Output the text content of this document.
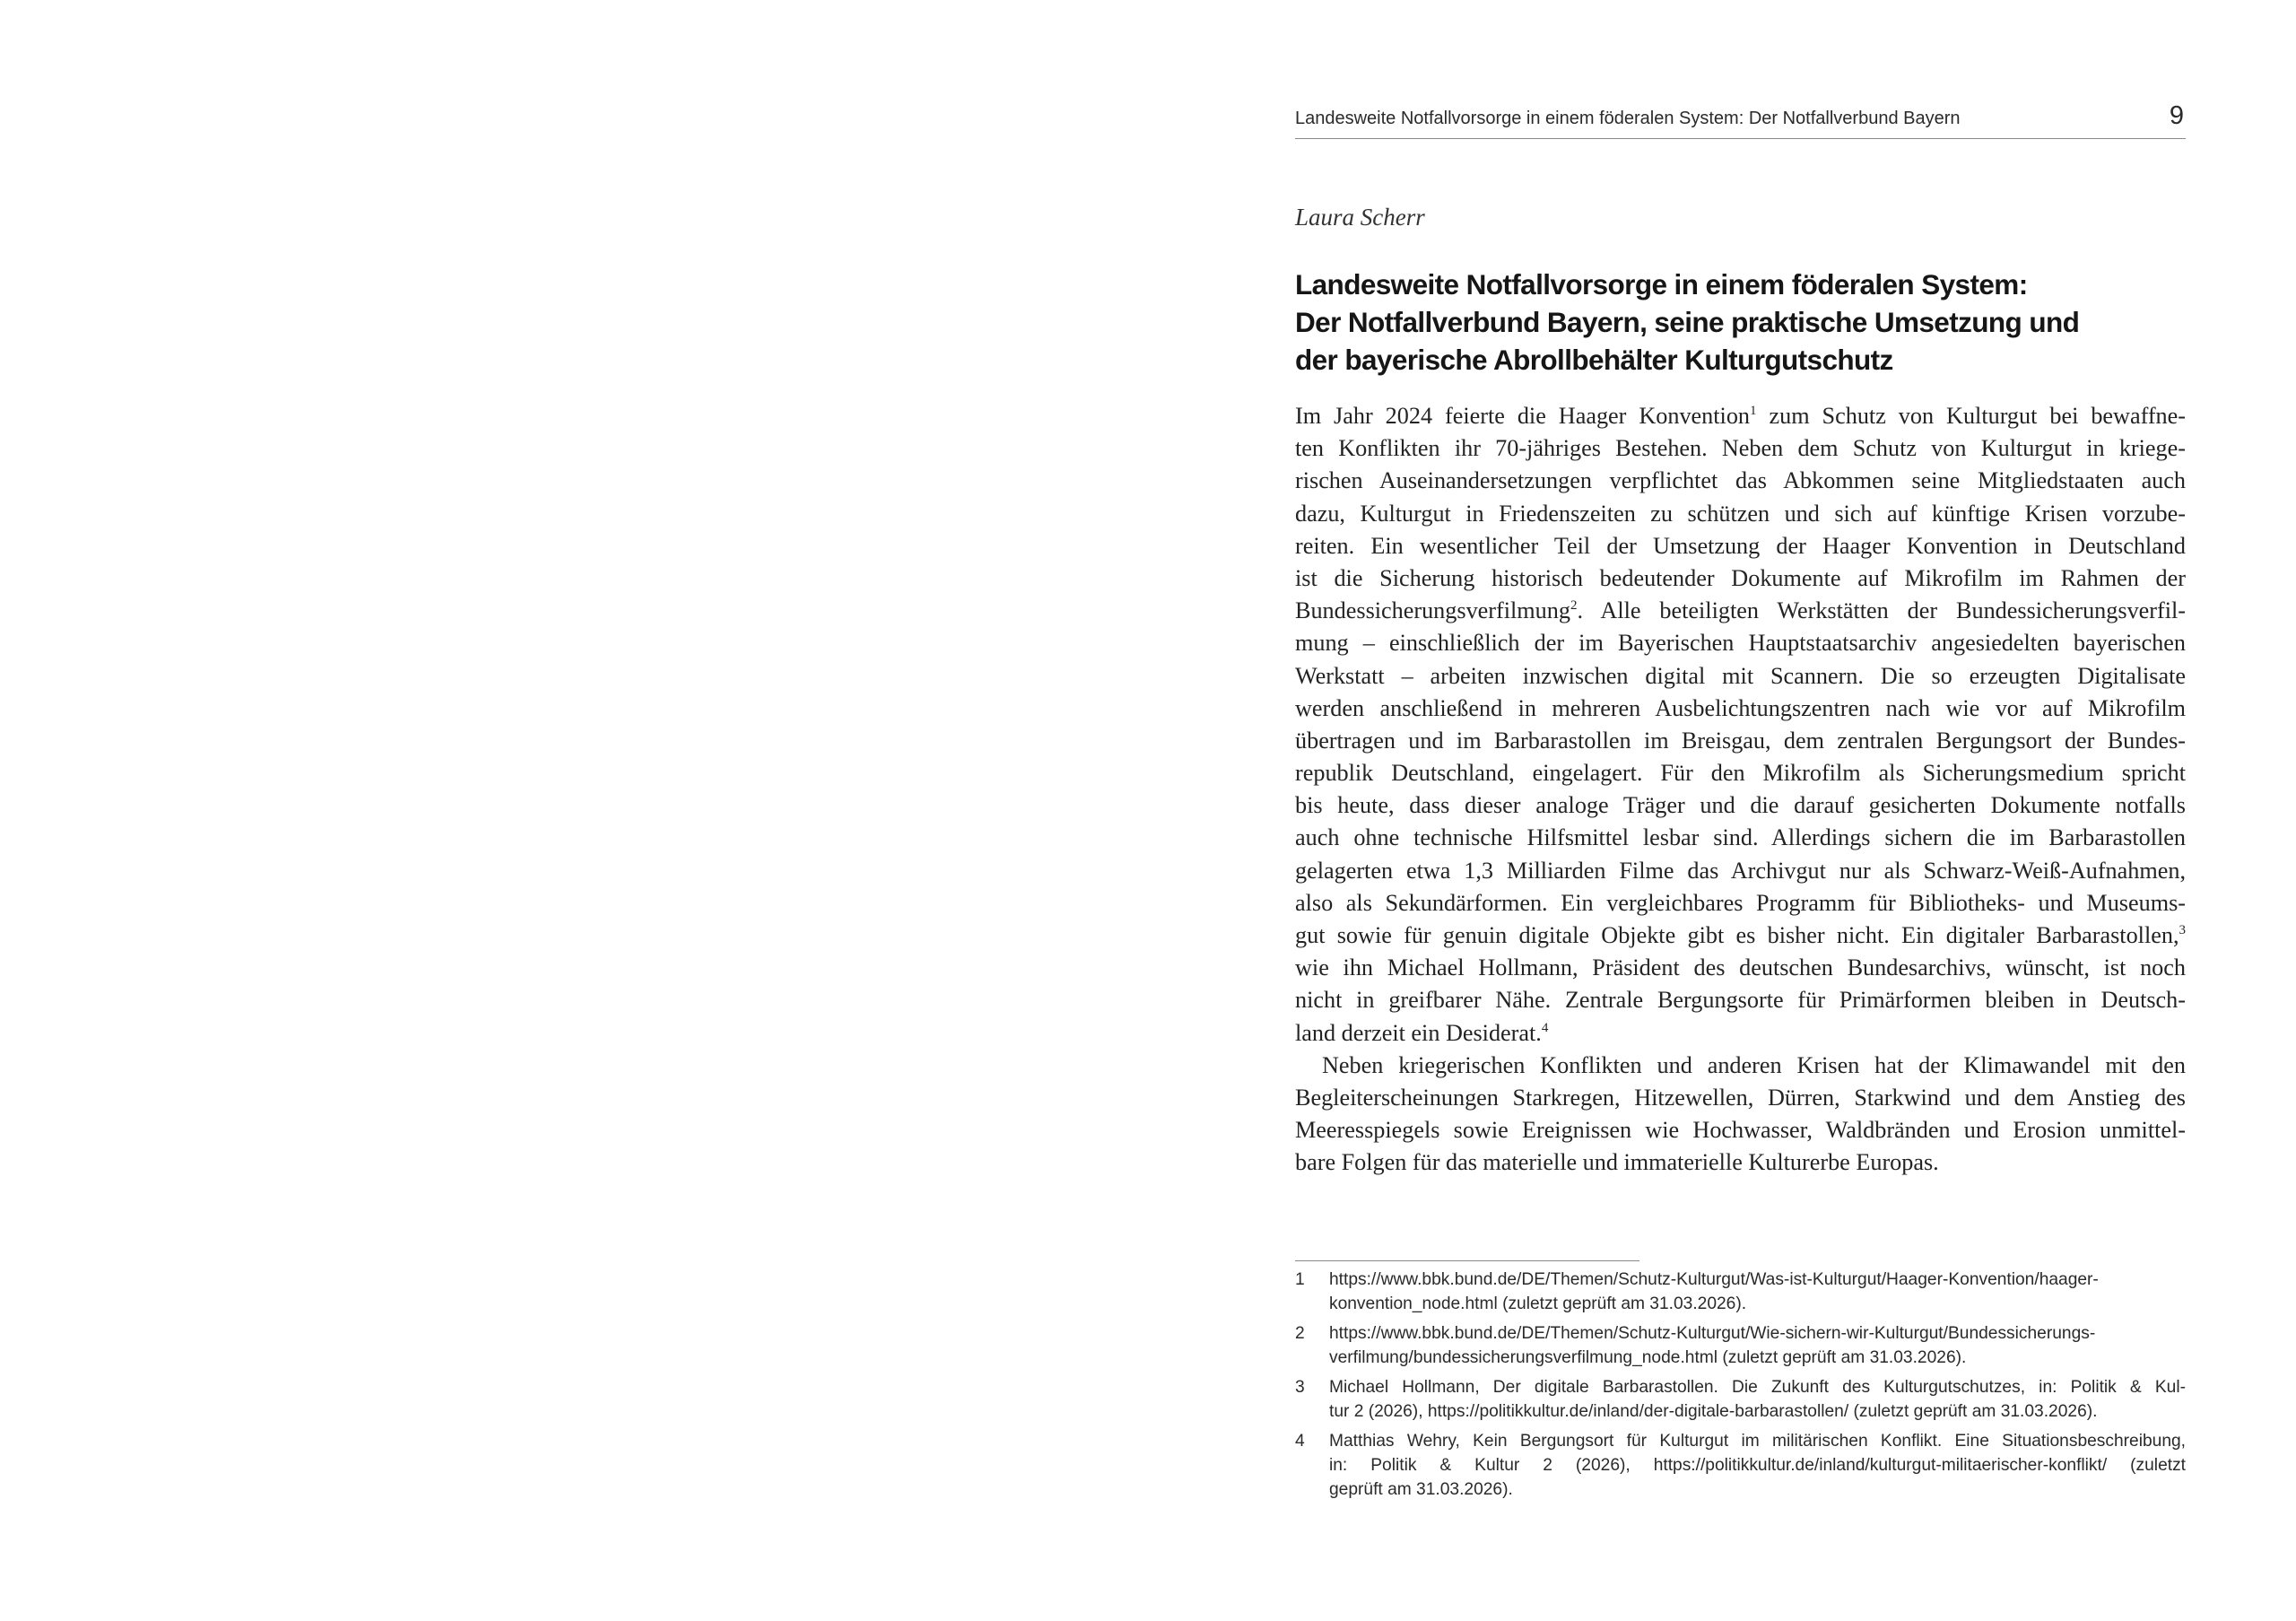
Landesweite Notfallvorsorge in einem föderalen System: Der Notfallverbund Bayern	9
Laura Scherr
Landesweite Notfallvorsorge in einem föderalen System:
Der Notfallverbund Bayern, seine praktische Umsetzung und
der bayerische Abrollbehälter Kulturgutschutz
Im Jahr 2024 feierte die Haager Konvention$^1$ zum Schutz von Kulturgut bei bewaffne-
ten Konflikten ihr 70-jähriges Bestehen. Neben dem Schutz von Kulturgut in kriege-
rischen Auseinandersetzungen verpflichtet das Abkommen seine Mitgliedstaaten auch
dazu, Kulturgut in Friedenszeiten zu schützen und sich auf künftige Krisen vorzube-
reiten. Ein wesentlicher Teil der Umsetzung der Haager Konvention in Deutschland
ist die Sicherung historisch bedeutender Dokumente auf Mikrofilm im Rahmen der
Bundessicherungsverfilmung$^2$. Alle beteiligten Werkstätten der Bundessicherungsverfil-
mung – einschließlich der im Bayerischen Hauptstaatsarchiv angesiedelten bayerischen
Werkstatt – arbeiten inzwischen digital mit Scannern. Die so erzeugten Digitalisate
werden anschließend in mehreren Ausbelichtungszentren nach wie vor auf Mikrofilm
übertragen und im Barbarastollen im Breisgau, dem zentralen Bergungsort der Bundes-
republik Deutschland, eingelagert. Für den Mikrofilm als Sicherungsmedium spricht
bis heute, dass dieser analoge Träger und die darauf gesicherten Dokumente notfalls
auch ohne technische Hilfsmittel lesbar sind. Allerdings sichern die im Barbarastollen
gelagerten etwa 1,3 Milliarden Filme das Archivgut nur als Schwarz-Weiß-Aufnahmen,
also als Sekundärformen. Ein vergleichbares Programm für Bibliotheks- und Museums-
gut sowie für genuin digitale Objekte gibt es bisher nicht. Ein digitaler Barbarastollen,$^3$
wie ihn Michael Hollmann, Präsident des deutschen Bundesarchivs, wünscht, ist noch
nicht in greifbarer Nähe. Zentrale Bergungsorte für Primärformen bleiben in Deutsch-
land derzeit ein Desiderat.$^4$
Neben kriegerischen Konflikten und anderen Krisen hat der Klimawandel mit den
Begleiterscheinungen Starkregen, Hitzewellen, Dürren, Starkwind und dem Anstieg des
Meeresspiegels sowie Ereignissen wie Hochwasser, Waldbränden und Erosion unmittel-
bare Folgen für das materielle und immaterielle Kulturerbe Europas.
1 https://www.bbk.bund.de/DE/Themen/Schutz-Kulturgut/Was-ist-Kulturgut/Haager-Konvention/haager-
konvention_node.html (zuletzt geprüft am 31.03.2026).
2 https://www.bbk.bund.de/DE/Themen/Schutz-Kulturgut/Wie-sichern-wir-Kulturgut/Bundessicherungs-
verfilmung/bundessicherungsverfilmung_node.html (zuletzt geprüft am 31.03.2026).
3 Michael Hollmann, Der digitale Barbarastollen. Die Zukunft des Kulturgutschutzes, in: Politik & Kul-
tur 2 (2026), https://politikkultur.de/inland/der-digitale-barbarastollen/ (zuletzt geprüft am 31.03.2026).
4 Matthias Wehry, Kein Bergungsort für Kulturgut im militärischen Konflikt. Eine Situationsbeschreibung,
in: Politik & Kultur 2 (2026), https://politikkultur.de/inland/kulturgut-militaerischer-konflikt/ (zuletzt
geprüft am 31.03.2026).
